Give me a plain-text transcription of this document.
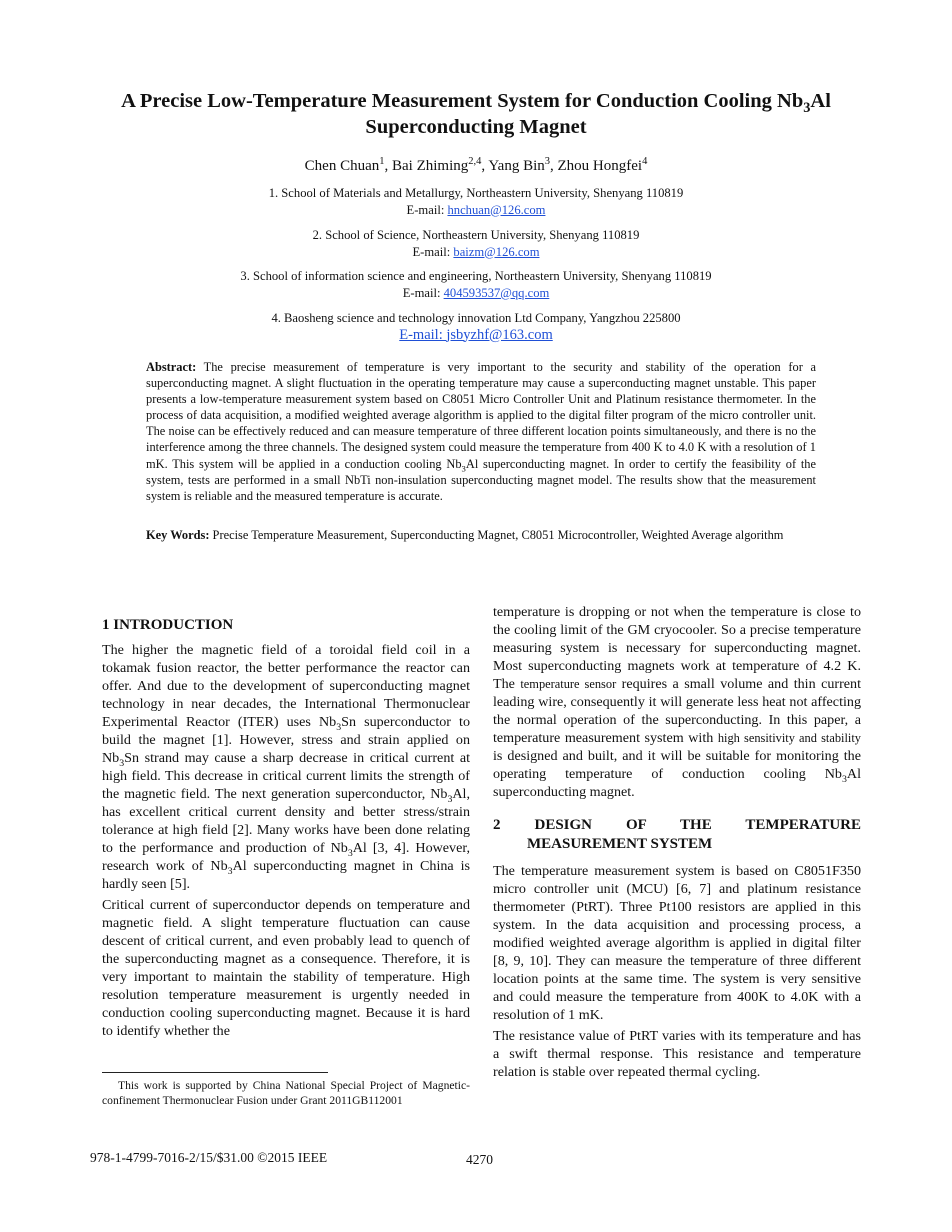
A Precise Low-Temperature Measurement System for Conduction Cooling $Nb_3Al$
Superconducting Magnet
Chen Chuan$^1$, Bai Zhiming$^{2,4}$, Yang Bin$^3$, Zhou Hongfei$^4$
1. School of Materials and Metallurgy, Northeastern University, Shenyang 110819
E-mail: hnchuan@126.com
2. School of Science, Northeastern University, Shenyang 110819
E-mail: baizm@126.com
3. School of information science and engineering, Northeastern University, Shenyang 110819
E-mail: 404593537@qq.com
4. Baosheng science and technology innovation Ltd Company, Yangzhou 225800
E-mail: jsbyzhf@163.com
Abstract: The precise measurement of temperature is very important to the security and stability of the operation for a superconducting magnet. A slight fluctuation in the operating temperature may cause a superconducting magnet unstable. This paper presents a low-temperature measurement system based on C8051 Micro Controller Unit and Platinum resistance thermometer. In the process of data acquisition, a modified weighted average algorithm is applied to the digital filter program of the micro controller unit. The noise can be effectively reduced and can measure temperature of three different location points simultaneously, and there is no the interference among the three channels. The designed system could measure the temperature from 400 K to 4.0 K with a resolution of 1 mK. This system will be applied in a conduction cooling $Nb_3Al$ superconducting magnet. In order to certify the feasibility of the system, tests are performed in a small NbTi non-insulation superconducting magnet model. The results show that the measurement system is reliable and the measured temperature is accurate.
Key Words: Precise Temperature Measurement, Superconducting Magnet, C8051 Microcontroller, Weighted Average algorithm
1 INTRODUCTION

The higher the magnetic field of a toroidal field coil in a tokamak fusion reactor, the better performance the reactor can offer. And due to the development of superconducting magnet technology in near decades, the International Thermonuclear Experimental Reactor (ITER) uses $Nb_3Sn$ superconductor to build the magnet [1]. However, stress and strain applied on $Nb_3Sn$ strand may cause a sharp decrease in critical current at high field. This decrease in critical current limits the strength of the magnetic field. The next generation superconductor, $Nb_3Al$, has excellent critical current density and better stress/strain tolerance at high field [2]. Many works have been done relating to the performance and production of $Nb_3Al$ [3, 4]. However, research work of $Nb_3Al$ superconducting magnet in China is hardly seen [5].

Critical current of superconductor depends on temperature and magnetic field. A slight temperature fluctuation can cause descent of critical current, and even probably lead to quench of the superconducting magnet as a consequence. Therefore, it is very important to maintain the stability of temperature. High resolution temperature measurement is urgently needed in conduction cooling superconducting magnet. Because it is hard to identify whether the

temperature is dropping or not when the temperature is close to the cooling limit of the GM cryocooler. So a precise temperature measuring system is necessary for superconducting magnet. Most superconducting magnets work at temperature of 4.2 K. The temperature sensor requires a small volume and thin current leading wire, consequently it will generate less heat not affecting the normal operation of the superconducting. In this paper, a temperature measurement system with high sensitivity and stability is designed and built, and it will be suitable for monitoring the operating temperature of conduction cooling $Nb_3Al$ superconducting magnet.

2 DESIGN OF THE TEMPERATURE
MEASUREMENT SYSTEM

The temperature measurement system is based on C8051F350 micro controller unit (MCU) [6, 7] and platinum resistance thermometer (PtRT). Three Pt100 resistors are applied in this system. In the data acquisition and processing process, a modified weighted average algorithm is applied in digital filter [8, 9, 10]. They can measure the temperature of three different location points at the same time. The system is very sensitive and could measure the temperature from 400K to 4.0K with a resolution of 1 mK.

The resistance value of PtRT varies with its temperature and has a swift thermal response. This resistance and temperature relation is stable over repeated thermal cycling.

This work is supported by China National Special Project of Magnetic-confinement Thermonuclear Fusion under Grant 2011GB112001
978-1-4799-7016-2/15/$31.00 ©2015 IEEE	4270
